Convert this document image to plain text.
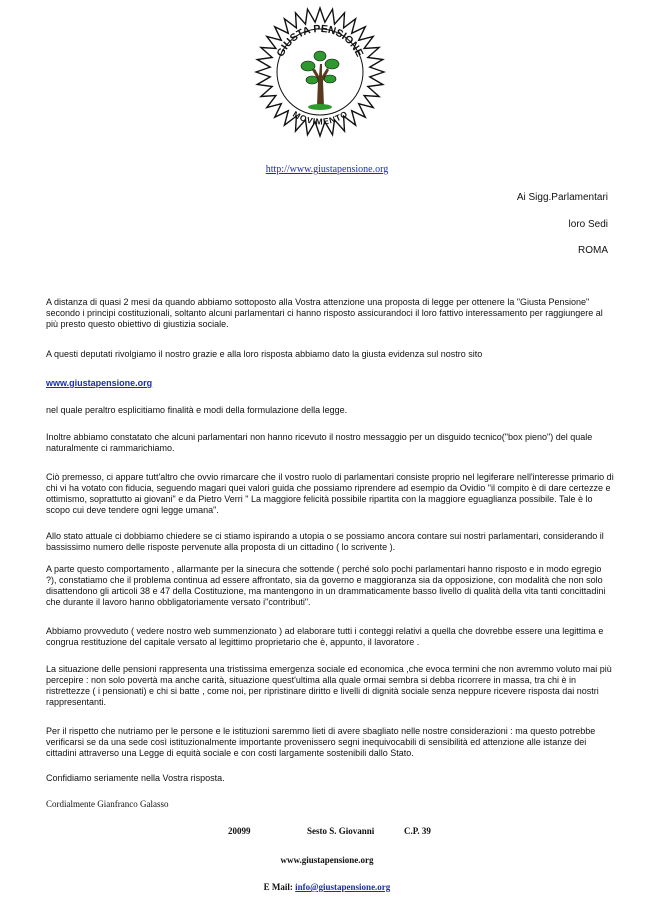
GIUSTA PENSIONE
MOVIMENTO
http://www.giustapensione.org

Ai Sigg.Parlamentari

loro Sedi

ROMA

A distanza di quasi 2 mesi da quando abbiamo sottoposto alla Vostra attenzione una proposta di legge per ottenere la "Giusta Pensione" secondo i principi costituzionali, soltanto alcuni parlamentari ci hanno risposto assicurandoci il loro fattivo interessamento per raggiungere al più presto questo obiettivo di giustizia sociale.

A questi deputati rivolgiamo il nostro grazie e alla loro risposta abbiamo dato la giusta evidenza sul nostro sito

www.giustapensione.org

nel quale peraltro esplicitiamo finalità e modi della formulazione della legge.

Inoltre abbiamo constatato che alcuni parlamentari non hanno ricevuto il nostro messaggio per un disguido tecnico("box pieno") del quale naturalmente ci rammarichiamo.

Ciò premesso, ci appare tutt'altro che ovvio rimarcare che il vostro ruolo di parlamentari consiste proprio nel legiferare nell'interesse primario di chi vi ha votato con fiducia, seguendo magari quei valori guida che possiamo riprendere ad esempio da Ovidio "il compito è di dare certezze e ottimismo, soprattutto ai giovani" e da Pietro Verri " La maggiore felicità possibile ripartita con la maggiore eguaglianza possibile. Tale è lo scopo cui deve tendere ogni legge umana".

Allo stato attuale ci dobbiamo chiedere se ci stiamo ispirando a utopia o se possiamo ancora contare sui nostri parlamentari, considerando il bassissimo numero delle risposte pervenute alla proposta di un cittadino ( lo scrivente ).

A parte questo comportamento , allarmante per la sinecura che sottende ( perché solo pochi parlamentari hanno risposto e in modo egregio ?), constatiamo che il problema continua ad essere affrontato, sia da governo e maggioranza sia da opposizione, con modalità che non solo disattendono gli articoli 38 e 47 della Costituzione, ma mantengono in un drammaticamente basso livello di qualità della vita tanti concittadini che durante il lavoro hanno obbligatoriamente versato i"contributi".

Abbiamo provveduto ( vedere nostro web summenzionato ) ad elaborare tutti i conteggi relativi a quella che dovrebbe essere una legittima e congrua restituzione del capitale versato al legittimo proprietario che è, appunto, il lavoratore .

La situazione delle pensioni rappresenta una tristissima emergenza sociale ed economica ,che evoca termini che non avremmo voluto mai più percepire : non solo povertà ma anche carità, situazione quest'ultima alla quale ormai sembra si debba ricorrere in massa, tra chi è in ristrettezze ( i pensionati) e chi si batte , come noi, per ripristinare diritto e livelli di dignità sociale senza neppure ricevere risposta dai nostri rappresentanti.

Per il rispetto che nutriamo per le persone e le istituzioni saremmo lieti di avere sbagliato nelle nostre considerazioni : ma questo potrebbe verificarsi se da una sede così istituzionalmente importante provenissero segni inequivocabili di sensibilità ed attenzione alle istanze dei cittadini attraverso una Legge di equità sociale e con costi largamente sostenibili dallo Stato.

Confidiamo seriamente nella Vostra risposta.

Cordialmente Gianfranco Galasso

20099	Sesto S. Giovanni	C.P. 39

www.giustapensione.org

E Mail: info@giustapensione.org
